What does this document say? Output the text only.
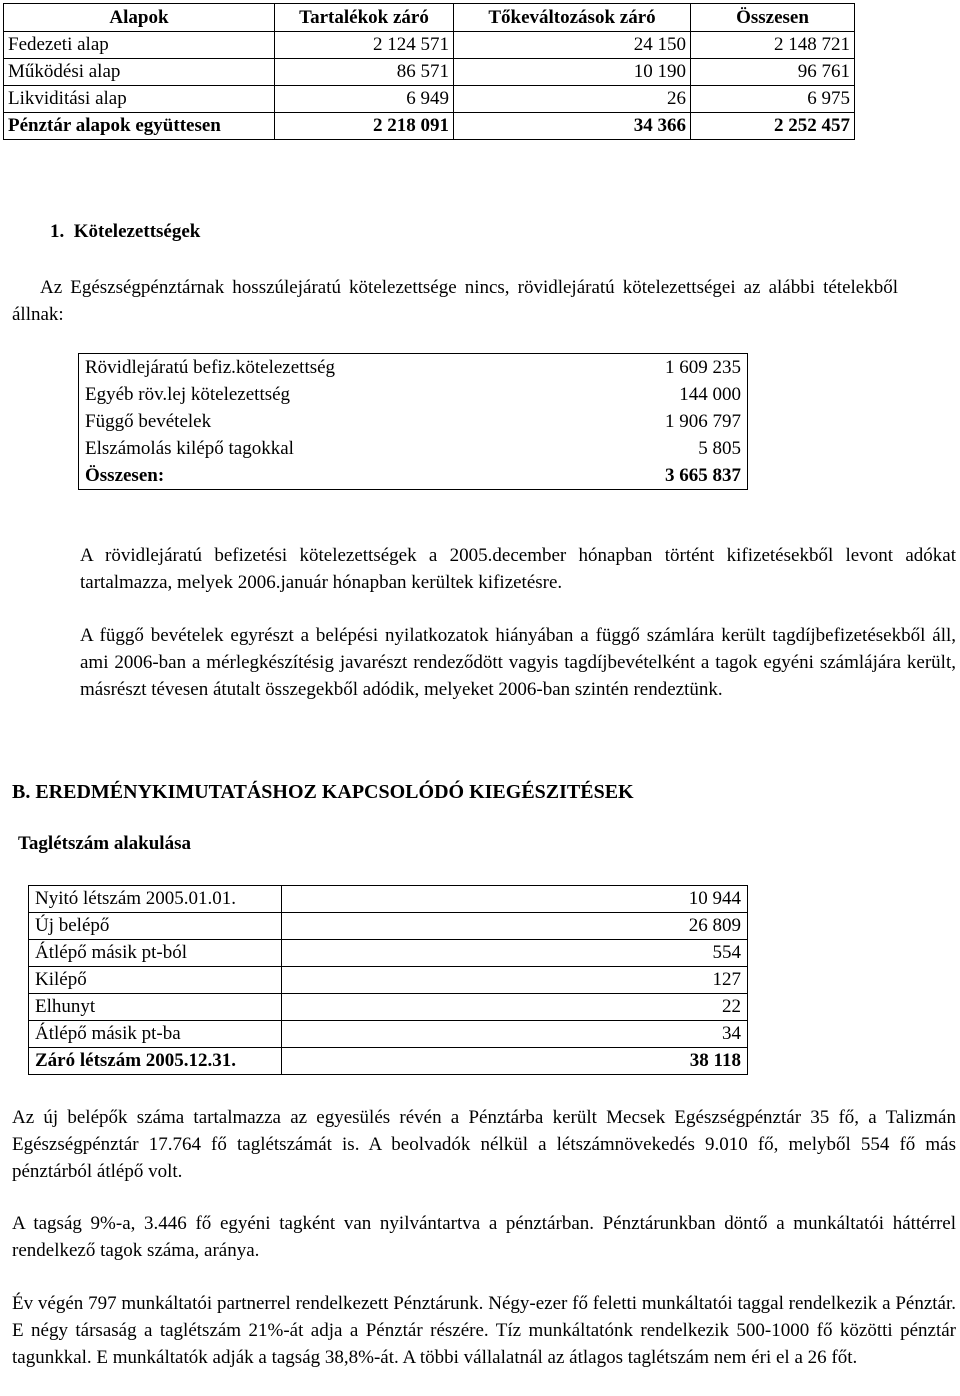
Alapok	Tartalékok záró	Tőkeváltozások záró	Összesen
Fedezeti alap	2 124 571	24 150	2 148 721
Működési alap	86 571	10 190	96 761
Likviditási alap	6 949	26	6 975
Pénztár alapok együttesen	2 218 091	34 366	2 252 457
1.  Kötelezettségek
Az Egészségpénztárnak hosszúlejáratú kötelezettsége nincs, rövidlejáratú kötelezettségei az alábbi tételekből állnak:
Rövidlejáratú befiz.kötelezettség	1 609 235
Egyéb röv.lej kötelezettség	144 000
Függő bevételek	1 906 797
Elszámolás kilépő tagokkal	5 805
Összesen:	3 665 837
A rövidlejáratú befizetési kötelezettségek a 2005.december hónapban történt kifizetésekből levont adókat tartalmazza, melyek 2006.január hónapban kerültek kifizetésre.
A függő bevételek egyrészt a belépési nyilatkozatok hiányában a függő számlára került tagdíjbefizetésekből áll, ami 2006-ban a mérlegkészítésig javarészt rendeződött vagyis tagdíjbevételként a tagok egyéni számlájára került, másrészt tévesen átutalt összegekből adódik, melyeket 2006-ban szintén rendeztünk.
B. EREDMÉNYKIMUTATÁSHOZ KAPCSOLÓDÓ KIEGÉSZITÉSEK
Taglétszám alakulása
Nyitó létszám 2005.01.01.	10 944
Új belépő	26 809
Átlépő másik pt-ból	554
Kilépő	127
Elhunyt	22
Átlépő másik pt-ba	34
Záró létszám 2005.12.31.	38 118
Az új belépők száma tartalmazza az egyesülés révén a Pénztárba került Mecsek Egészségpénztár 35 fő, a Talizmán Egészségpénztár 17.764 fő taglétszámát is. A beolvadók nélkül a létszámnövekedés 9.010 fő, melyből 554 fő más pénztárból átlépő volt.
A tagság 9%-a, 3.446 fő egyéni tagként van nyilvántartva a pénztárban. Pénztárunkban döntő a munkáltatói háttérrel rendelkező tagok száma, aránya.
Év végén 797 munkáltatói partnerrel rendelkezett Pénztárunk. Négy-ezer fő feletti munkáltatói taggal rendelkezik a Pénztár. E négy társaság a taglétszám 21%-át adja a Pénztár részére. Tíz munkáltatónk rendelkezik 500-1000 fő közötti pénztár tagunkkal. E munkáltatók adják a tagság 38,8%-át. A többi vállalatnál az átlagos taglétszám nem éri el a 26 főt.
